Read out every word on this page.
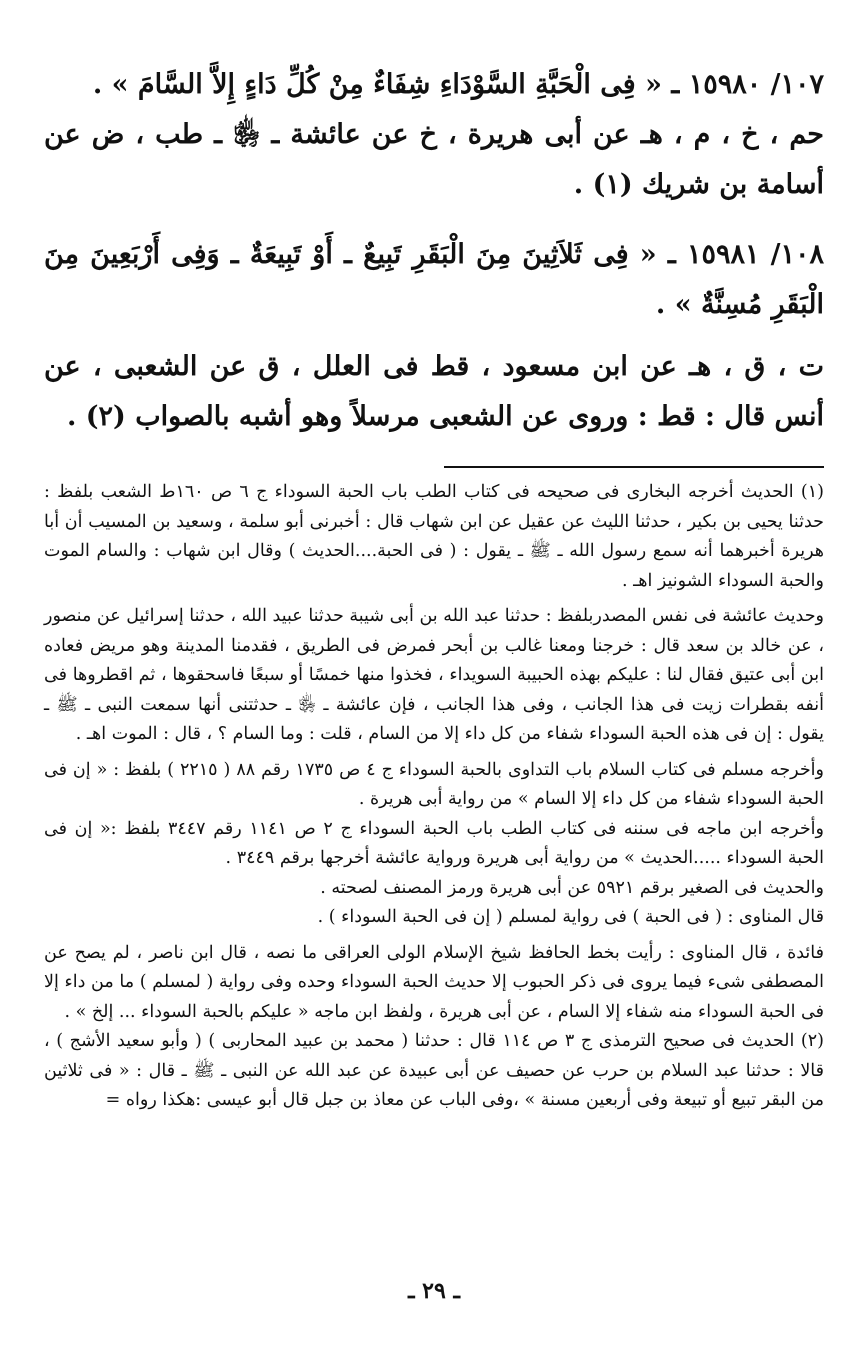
١٠٧/ ١٥٩٨٠ ـ « فِى الْحَبَّةِ السَّوْدَاءِ شِفَاءٌ مِنْ كُلِّ دَاءٍ إِلاَّ السَّامَ » .

حم ، خ ، م ، هـ عن أبى هريرة ، خ عن عائشة ـ ﵂ ـ طب ، ض عن أسامة بن شريك (١) .

١٠٨/ ١٥٩٨١ ـ « فِى ثَلاَثِينَ مِنَ الْبَقَرِ تَبِيعٌ ـ أَوْ تَبِيعَةٌ ـ وَفِى أَرْبَعِينَ مِنَ الْبَقَرِ مُسِنَّةٌ » .

ت ، ق ، هـ عن ابن مسعود ، قط فى العلل ، ق عن الشعبى ، عن أنس قال : قط : وروى عن الشعبى مرسلاً وهو أشبه بالصواب (٢) .

(١) الحديث أخرجه البخارى فى صحيحه فى كتاب الطب باب الحبة السوداء ج ٦ ص ١٦٠ط الشعب بلفظ : حدثنا يحيى بن بكير ، حدثنا الليث عن عقيل عن ابن شهاب قال : أخبرنى أبو سلمة ، وسعيد بن المسيب أن أبا هريرة أخبرهما أنه سمع رسول الله ـ ﷺ ـ يقول : ( فى الحبة....الحديث ) وقال ابن شهاب : والسام الموت والحبة السوداء الشونيز اهـ .

وحديث عائشة فى نفس المصدربلفظ : حدثنا عبد الله بن أبى شيبة حدثنا عبيد الله ، حدثنا إسرائيل عن منصور ، عن خالد بن سعد قال : خرجنا ومعنا غالب بن أبحر فمرض فى الطريق ، فقدمنا المدينة وهو مريض فعاده ابن أبى عتيق فقال لنا : عليكم بهذه الحبيبة السويداء ، فخذوا منها خمسًا أو سبعًا فاسحقوها ، ثم اقطروها فى أنفه بقطرات زيت فى هذا الجانب ، وفى هذا الجانب ، فإن عائشة ـ ﵂ ـ حدثتنى أنها سمعت النبى ـ ﷺ ـ يقول : إن فى هذه الحبة السوداء شفاء من كل داء إلا من السام ، قلت : وما السام ؟ ، قال : الموت اهـ .

وأخرجه مسلم فى كتاب السلام باب التداوى بالحبة السوداء ج ٤ ص ١٧٣٥ رقم ٨٨ ( ٢٢١٥ ) بلفظ : « إن فى الحبة السوداء شفاء من كل داء إلا السام » من رواية أبى هريرة .

وأخرجه ابن ماجه فى سننه فى كتاب الطب باب الحبة السوداء ج ٢ ص ١١٤١ رقم ٣٤٤٧ بلفظ :« إن فى الحبة السوداء .....الحديث » من رواية أبى هريرة ورواية عائشة أخرجها برقم ٣٤٤٩ .

والحديث فى الصغير برقم ٥٩٢١ عن أبى هريرة ورمز المصنف لصحته .

قال المناوى : ( فى الحبة ) فى رواية لمسلم ( إن فى الحبة السوداء ) .

فائدة ، قال المناوى : رأيت بخط الحافظ شيخ الإسلام الولى العراقى ما نصه ، قال ابن ناصر ، لم يصح عن المصطفى شىء فيما يروى فى ذكر الحبوب إلا حديث الحبة السوداء وحده وفى رواية ( لمسلم ) ما من داء إلا فى الحبة السوداء منه شفاء إلا السام ، عن أبى هريرة ، ولفظ ابن ماجه « عليكم بالحبة السوداء ... إلخ » .

(٢) الحديث فى صحيح الترمذى ج ٣ ص ١١٤ قال : حدثنا ( محمد بن عبيد المحاربى ) ( وأبو سعيد الأشج ) ، قالا : حدثنا عبد السلام بن حرب عن حصيف عن أبى عبيدة عن عبد الله عن النبى ـ ﷺ ـ قال : « فى ثلاثين من البقر تبيع أو تبيعة وفى أربعين مسنة » ،وفى الباب عن معاذ بن جبل قال أبو عيسى :هكذا رواه =

ـ ٢٩ ـ
